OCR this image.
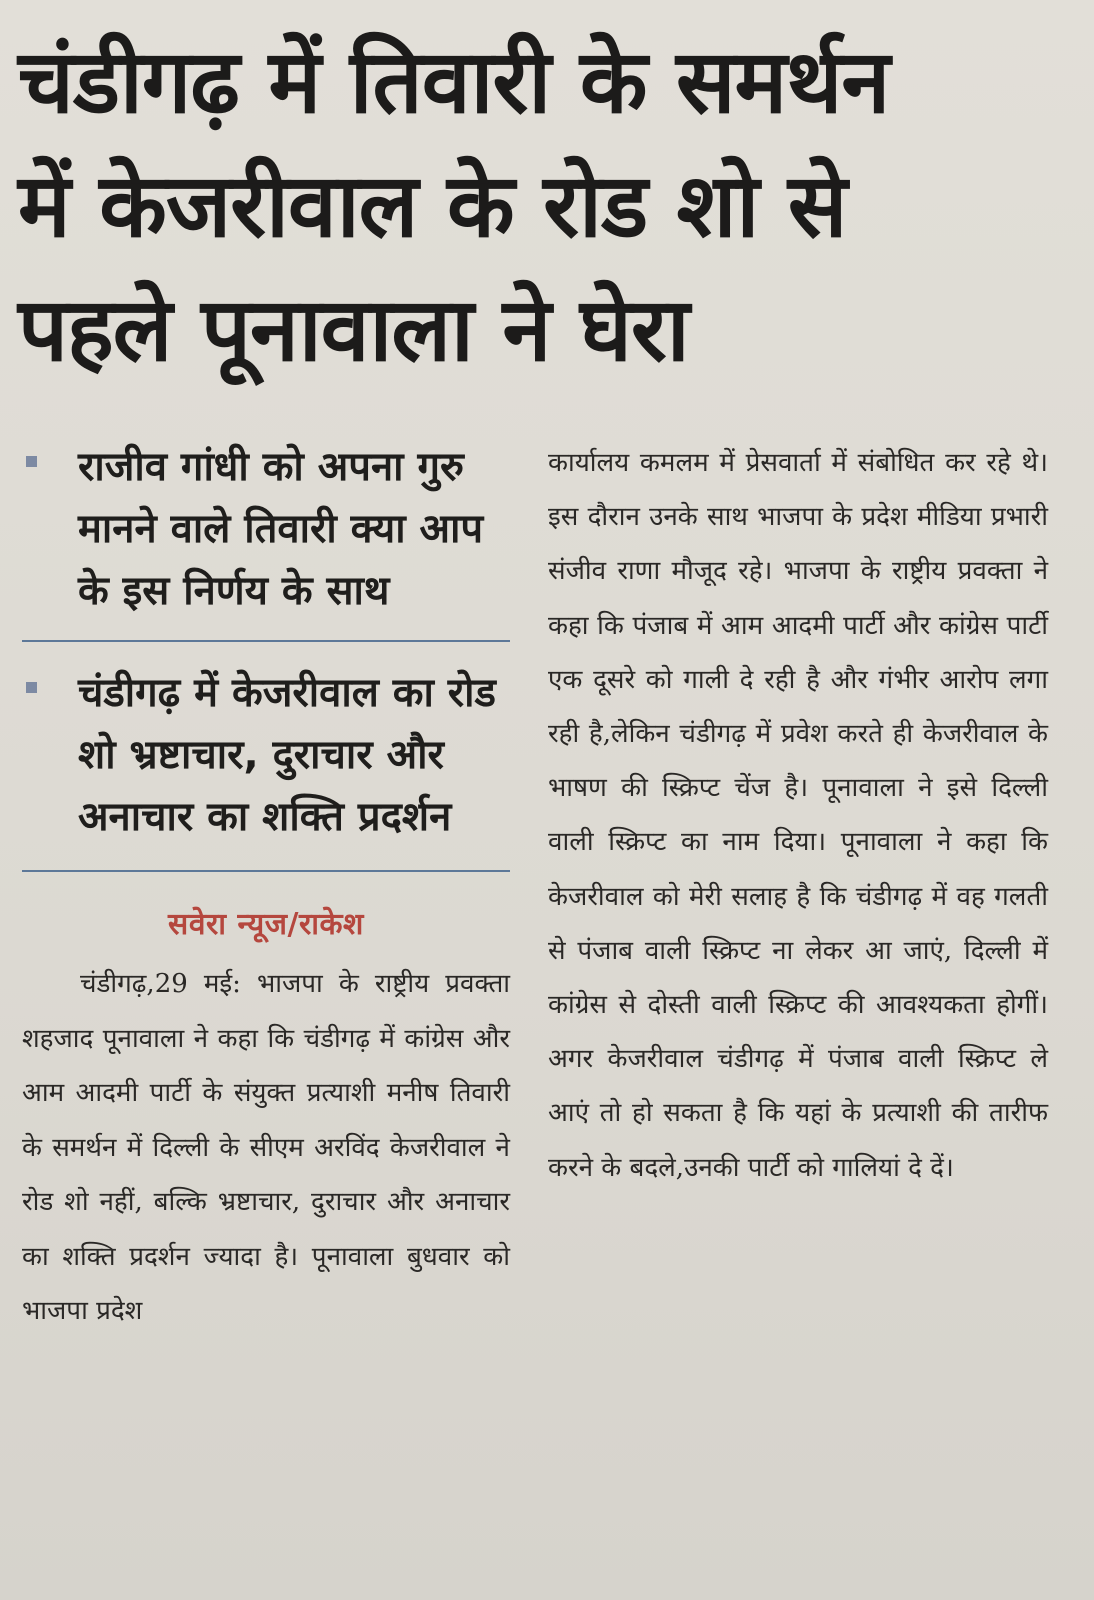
चंडीगढ़ में तिवारी के समर्थन
में केजरीवाल के रोड शो से
पहले पूनावाला ने घेरा
राजीव गांधी को अपना गुरु मानने वाले तिवारी क्या आप के इस निर्णय के साथ
चंडीगढ़ में केजरीवाल का रोड शो भ्रष्टाचार, दुराचार और अनाचार का शक्ति प्रदर्शन
सवेरा न्यूज/राकेश

चंडीगढ़,29 मई: भाजपा के राष्ट्रीय प्रवक्ता शहजाद पूनावाला ने कहा कि चंडीगढ़ में कांग्रेस और आम आदमी पार्टी के संयुक्त प्रत्याशी मनीष तिवारी के समर्थन में दिल्ली के सीएम अरविंद केजरीवाल ने रोड शो नहीं, बल्कि भ्रष्टाचार, दुराचार और अनाचार का शक्ति प्रदर्शन ज्यादा है। पूनावाला बुधवार को भाजपा प्रदेश

कार्यालय कमलम में प्रेसवार्ता में संबोधित कर रहे थे। इस दौरान उनके साथ भाजपा के प्रदेश मीडिया प्रभारी संजीव राणा मौजूद रहे। भाजपा के राष्ट्रीय प्रवक्ता ने कहा कि पंजाब में आम आदमी पार्टी और कांग्रेस पार्टी एक दूसरे को गाली दे रही है और गंभीर आरोप लगा रही है,लेकिन चंडीगढ़ में प्रवेश करते ही केजरीवाल के भाषण की स्क्रिप्ट चेंज है। पूनावाला ने इसे दिल्ली वाली स्क्रिप्ट का नाम दिया। पूनावाला ने कहा कि केजरीवाल को मेरी सलाह है कि चंडीगढ़ में वह गलती से पंजाब वाली स्क्रिप्ट ना लेकर आ जाएं, दिल्ली में कांग्रेस से दोस्ती वाली स्क्रिप्ट की आवश्यकता होगीं। अगर केजरीवाल चंडीगढ़ में पंजाब वाली स्क्रिप्ट ले आएं तो हो सकता है कि यहां के प्रत्याशी की तारीफ करने के बदले,उनकी पार्टी को गालियां दे दें।
